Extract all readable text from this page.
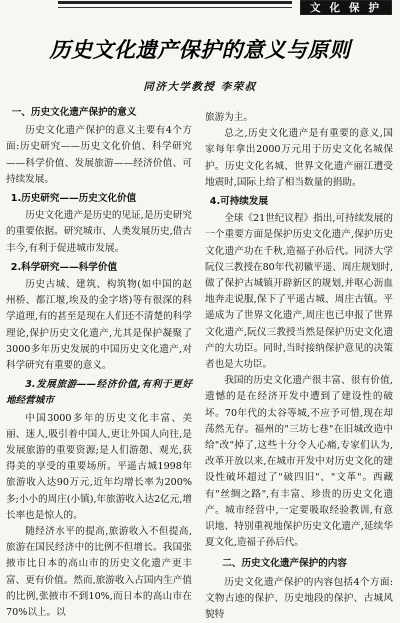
文化保护
历史文化遗产保护的意义与原则
同济大学教授 李荣叔
一、历史文化遗产保护的意义

历史文化遗产保护的意义主要有4个方面:历史研究——历史文化价值、科学研究——科学价值、发展旅游——经济价值、可持续发展。

1.历史研究——历史文化价值

历史文化遗产是历史的见证,是历史研究的重要依据。研究城市、人类发展历史,借古丰今,有利于促进城市发展。

2.科学研究——科学价值

历史古城、建筑、构筑物(如中国的赵州桥、都江堰,埃及的金字塔)等有很深的科学道理,有的甚至是现在人们还不清楚的科学理论,保护历史文化遗产,尤其是保护凝聚了3000多年历史发展的中国历史文化遗产,对科学研究有重要的意义。

3.发展旅游——经济价值,有利于更好地经营城市

中国3000多年的历史文化丰富、美丽、迷人,吸引着中国人,更让外国人向往,是发展旅游的重要资源;是人们游憩、观光,获得美的享受的重要场所。平遥古城1998年旅游收入达90万元,近年均增长率为200%多;小小的周庄(小镇),年旅游收入达2亿元,增长率也是惊人的。

随经济水平的提高,旅游收入不但提高,旅游在国民经济中的比例不但增长。我国张掖市比日本的高山市的历史文化遗产更丰富、更有价值。然而,旅游收入占国内生产值的比例,张掖市不到10%,而日本的高山市在70%以上。以

旅游为主。

总之,历史文化遗产是有重要的意义,国家每年拿出2000万元用于历史文化名城保护。历史文化名城、世界文化遗产丽江遭受地震时,国际上给了相当数量的捐助。

4.可持续发展

全球《21世纪议程》指出,可持续发展的一个重要方面是保护历史文化遗产,保护历史文化遗产功在千秋,造福子孙后代。同济大学阮仪三教授在80年代初徽平遥、周庄规划时,做了保护古城镇开辟新区的规划,并呕心沥血地奔走说服,保下了平遥古城、周庄古镇。平遥成为了世界文化遗产,周庄也已申报了世界文化遗产,阮仪三教授当然是保护历史文化遗产的大功臣。同时,当时接纳保护意见的决策者也是大功臣。

我国的历史文化遗产很丰富、很有价值,遗憾的是在经济开发中遭到了建设性的破坏。70年代的太谷等城,不应予可惜,现在却荡然无存。福州的"三坊七巷"在旧城改造中给"改"掉了,这些十分令人心痛,专家们认为,改革开放以来,在城市开发中对历史文化的建设性破坏超过了"破四旧"、"文革"。西藏有"丝绸之路",有丰富、珍贵的历史文化遗产。城市经营中,一定要吸取经验教训,有意识地、特别重视地保护历史文化遗产,延续华夏文化,造福子孙后代。

二、历史文化遗产保护的内容

历史文化遗产保护的内容包括4个方面:文物古迹的保护、历史地段的保护、古城风貌特
